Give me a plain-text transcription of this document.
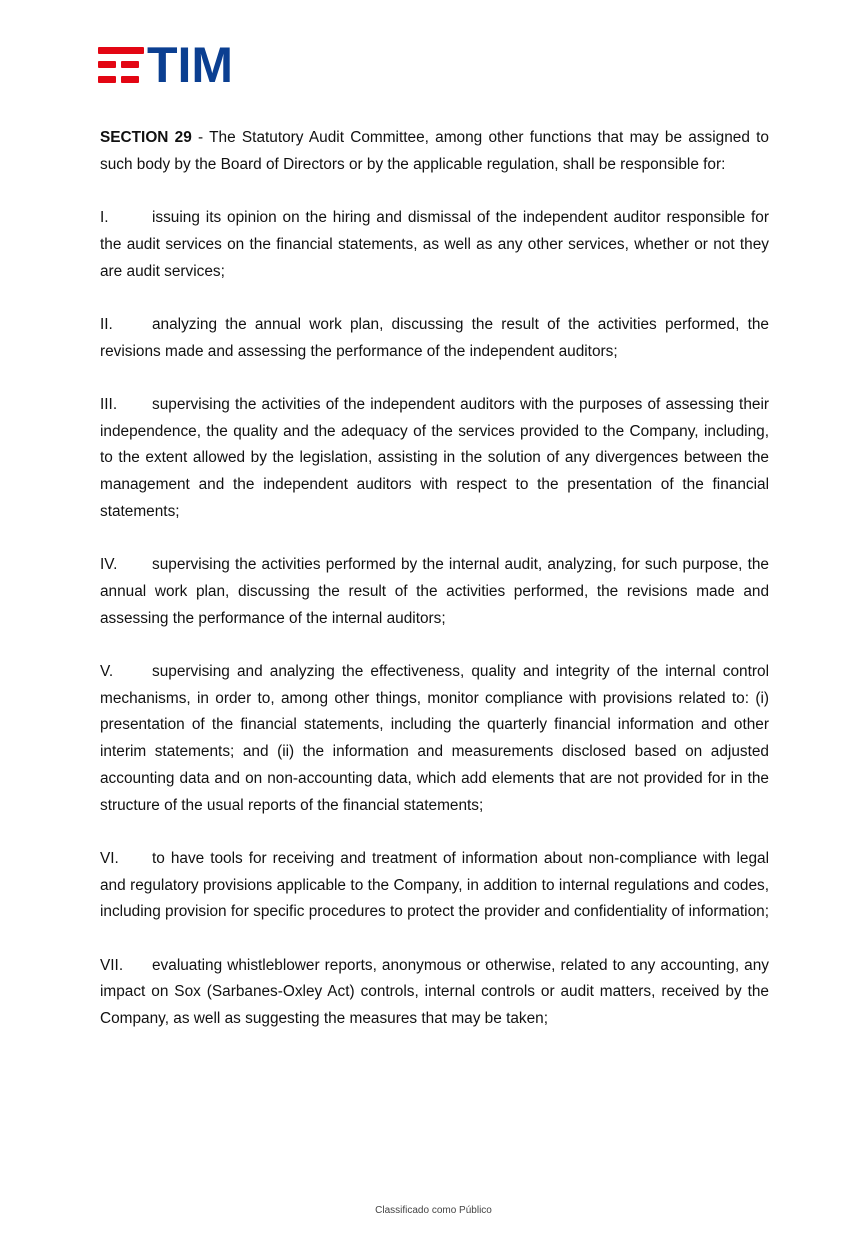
TIM

SECTION 29 - The Statutory Audit Committee, among other functions that may be assigned to such body by the Board of Directors or by the applicable regulation, shall be responsible for:

I.	issuing its opinion on the hiring and dismissal of the independent auditor responsible for the audit services on the financial statements, as well as any other services, whether or not they are audit services;

II.	analyzing the annual work plan, discussing the result of the activities performed, the revisions made and assessing the performance of the independent auditors;

III. supervising the activities of the independent auditors with the purposes of assessing their independence, the quality and the adequacy of the services provided to the Company, including, to the extent allowed by the legislation, assisting in the solution of any divergences between the management and the independent auditors with respect to the presentation of the financial statements;

IV. supervising the activities performed by the internal audit, analyzing, for such purpose, the annual work plan, discussing the result of the activities performed, the revisions made and assessing the performance of the internal auditors;

V.	supervising and analyzing the effectiveness, quality and integrity of the internal control mechanisms, in order to, among other things, monitor compliance with provisions related to: (i) presentation of the financial statements, including the quarterly financial information and other interim statements; and (ii) the information and measurements disclosed based on adjusted accounting data and on non-accounting data, which add elements that are not provided for in the structure of the usual reports of the financial statements;

VI. to have tools for receiving and treatment of information about non-compliance with legal and regulatory provisions applicable to the Company, in addition to internal regulations and codes, including provision for specific procedures to protect the provider and confidentiality of information;

VII. evaluating whistleblower reports, anonymous or otherwise, related to any accounting, any impact on Sox (Sarbanes-Oxley Act) controls, internal controls or audit matters, received by the Company, as well as suggesting the measures that may be taken;

Classificado como Público
